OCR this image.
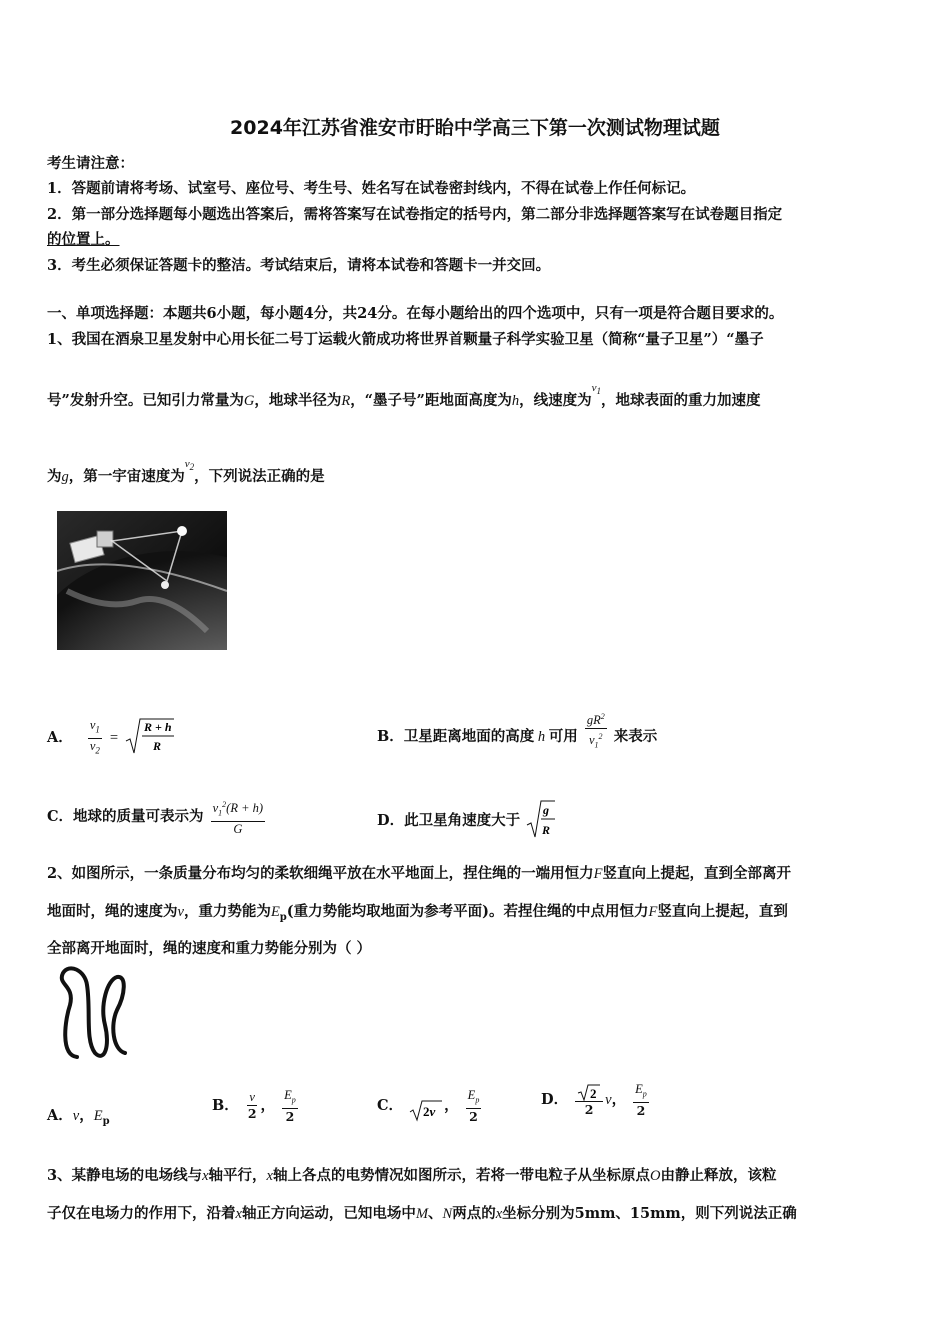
2024年江苏省淮安市盱眙中学高三下第一次测试物理试题
考生请注意：
1．答题前请将考场、试室号、座位号、考生号、姓名写在试卷密封线内，不得在试卷上作任何标记。
2．第一部分选择题每小题选出答案后，需将答案写在试卷指定的括号内，第二部分非选择题答案写在试卷题目指定
的位置上。
3．考生必须保证答题卡的整洁。考试结束后，请将本试卷和答题卡一并交回。
一、单项选择题：本题共6小题，每小题4分，共24分。在每小题给出的四个选项中，只有一项是符合题目要求的。
1、我国在酒泉卫星发射中心用长征二号丁运载火箭成功将世界首颗量子科学实验卫星（简称“量子卫星”）“墨子
号”发射升空。已知引力常量为G，地球半径为R，“墨子号”距地面高度为h，线速度为$^{v_1}$，地球表面的重力加速度
为g，第一宇宙速度为$^{v_2}$，下列说法正确的是
A． $\frac{v_1}{v_2}$ =
R + h
R
B．卫星距离地面的高度 h 可用 $\frac{gR^2}{v_1^2}$ 来表示
C．地球的质量可表示为 $\frac{v_1^2(R + h)}{G}$	D．此卫星角速度大于
g
R
2、如图所示，一条质量分布均匀的柔软细绳平放在水平地面上，捏住绳的一端用恒力F竖直向上提起，直到全部离开
地面时，绳的速度为v，重力势能为$E_p$(重力势能均取地面为参考平面)。若捏住绳的中点用恒力F竖直向上提起，直到
全部离开地面时，绳的速度和重力势能分别为（ ）
A．v，$E_p$
B． $\frac{v}{2}$ ， $\frac{E_p}{2}$	C． 2v ， $\frac{E_p}{2}$	D． $\frac{2}{2}$ v， $\frac{E_p}{2}$
3、某静电场的电场线与x轴平行，x轴上各点的电势情况如图所示，若将一带电粒子从坐标原点O由静止释放，该粒
子仅在电场力的作用下，沿着x轴正方向运动，已知电场中M、N两点的x坐标分别为5mm、15mm，则下列说法正确
